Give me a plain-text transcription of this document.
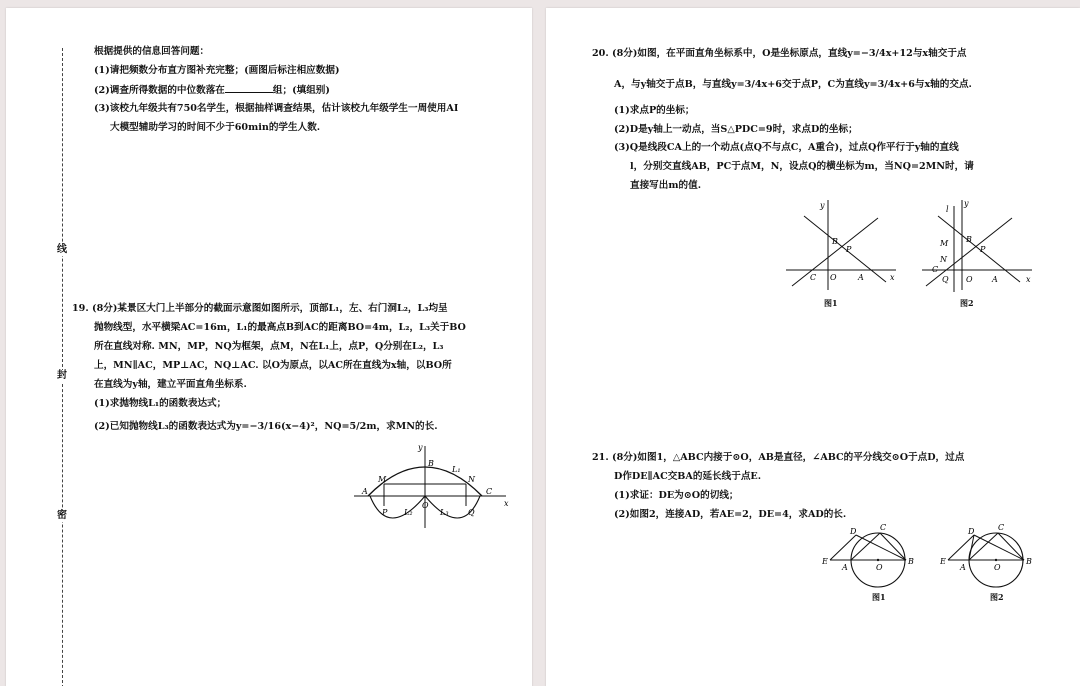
线
封
密
根据提供的信息回答问题：
(1)请把频数分布直方图补充完整；(画图后标注相应数据)
(2)调查所得数据的中位数落在	组；(填组别)
(3)该校九年级共有750名学生，根据抽样调查结果，估计该校九年级学生一周使用AI
大模型辅助学习的时间不少于60min的学生人数.
19. (8分)某景区大门上半部分的截面示意图如图所示，顶部L₁，左、右门洞L₂，L₃均呈
抛物线型，水平横梁AC=16m，L₁的最高点B到AC的距离BO=4m，L₂，L₃关于BO
所在直线对称. MN，MP，NQ为框架，点M，N在L₁上，点P，Q分别在L₂，L₃
上，MN∥AC，MP⊥AC，NQ⊥AC. 以O为原点，以AC所在直线为x轴，以BO所
在直线为y轴，建立平面直角坐标系.
(1)求抛物线L₁的函数表达式；
(2)已知抛物线L₃的函数表达式为y=−3/16(x−4)²，NQ=5/2m，求MN的长.
y
B
L₁
M	N
A	C
x
P L₂
O
L₃ Q
20. (8分)如图，在平面直角坐标系中，O是坐标原点，直线y=−3/4x+12与x轴交于点
A，与y轴交于点B，与直线y=3/4x+6交于点P，C为直线y=3/4x+6与x轴的交点.
(1)求点P的坐标；
(2)D是y轴上一动点，当S△PDC=9时，求点D的坐标；
(3)Q是线段CA上的一个动点(点Q不与点C，A重合)，过点Q作平行于y轴的直线
l，分别交直线AB，PC于点M，N，设点Q的横坐标为m，当NQ=2MN时，请
直接写出m的值.
y
B
P
C O	A	x
图1
l
y
M B
P
N
C
Q O A	x
图2
21. (8分)如图1，△ABC内接于⊙O，AB是直径，∠ABC的平分线交⊙O于点D，过点
D作DE∥AC交BA的延长线于点E.
(1)求证：DE为⊙O的切线；
(2)如图2，连接AD，若AE=2，DE=4，求AD的长.
D	C
E
A	O
B
图1
D	C
E
A	O
B
图2
